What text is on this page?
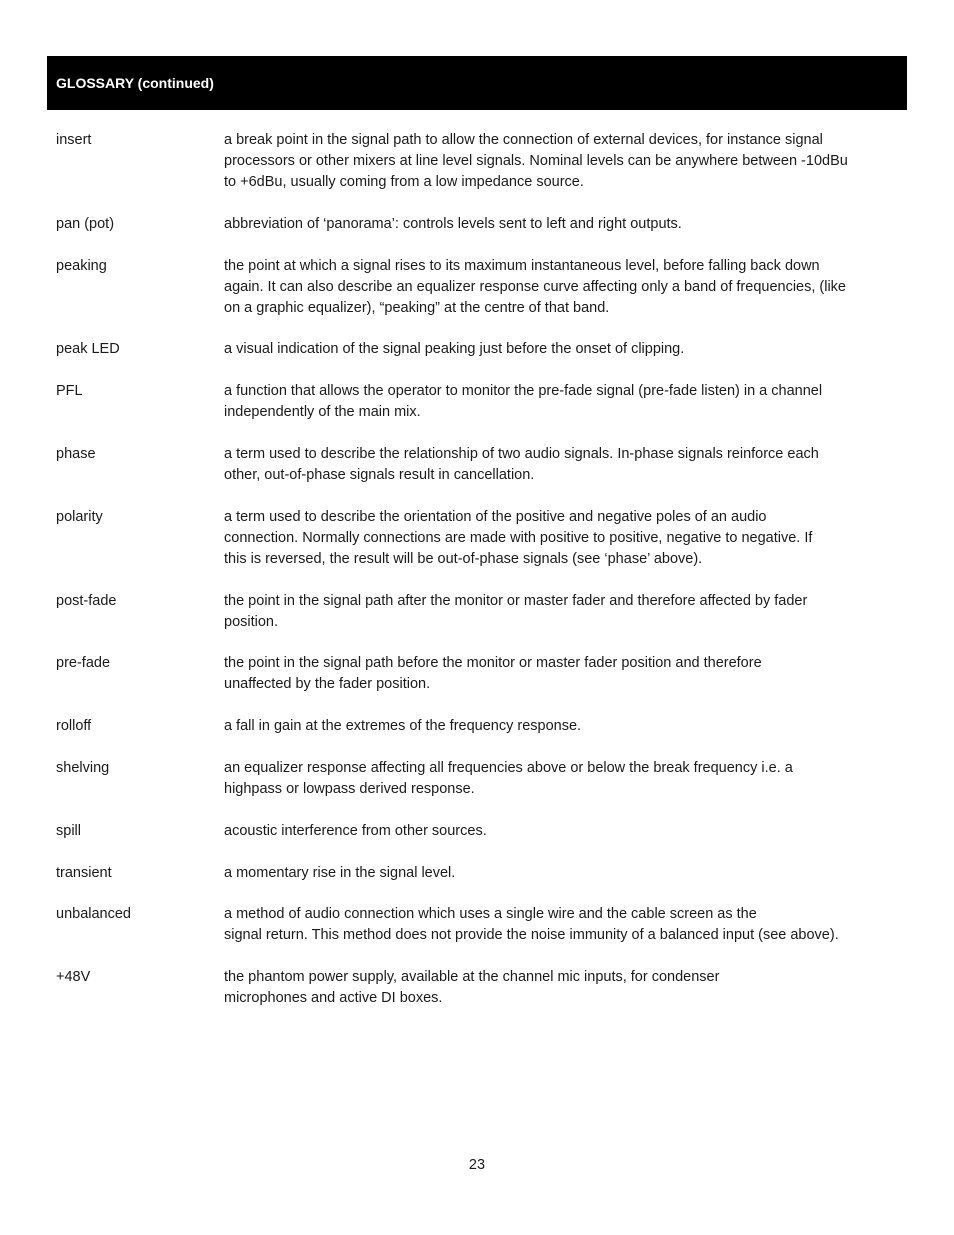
GLOSSARY (continued)
insert	a break point in the signal path to allow the connection of external devices, for instance signal
processors or other mixers at line level signals. Nominal levels can be anywhere between -10dBu
to +6dBu, usually coming from a low impedance source.
pan (pot)	abbreviation of ‘panorama’: controls levels sent to left and right outputs.
peaking	the point at which a signal rises to its maximum instantaneous level, before falling back down
again. It can also describe an equalizer response curve affecting only a band of frequencies, (like
on a graphic equalizer), “peaking” at the centre of that band.
peak LED	a visual indication of the signal peaking just before the onset of clipping.
PFL	a function that allows the operator to monitor the pre-fade signal (pre-fade listen) in a channel
independently of the main mix.
phase	a term used to describe the relationship of two audio signals. In-phase signals reinforce each
other, out-of-phase signals result in cancellation.
polarity	a term used to describe the orientation of the positive and negative poles of an audio
connection. Normally connections are made with positive to positive, negative to negative. If
this is reversed, the result will be out-of-phase signals (see ‘phase’ above).
post-fade	the point in the signal path after the monitor or master fader and therefore affected by fader
position.
pre-fade	the point in the signal path before the monitor or master fader position and therefore
unaffected by the fader position.
rolloff	a fall in gain at the extremes of the frequency response.
shelving	an equalizer response affecting all frequencies above or below the break frequency i.e. a
highpass or lowpass derived response.
spill	acoustic interference from other sources.
transient	a momentary rise in the signal level.
unbalanced	a method of audio connection which uses a single wire and the cable screen as the
signal return. This method does not provide the noise immunity of a balanced input (see above).
+48V	the phantom power supply, available at the channel mic inputs, for condenser
microphones and active DI boxes.
23
